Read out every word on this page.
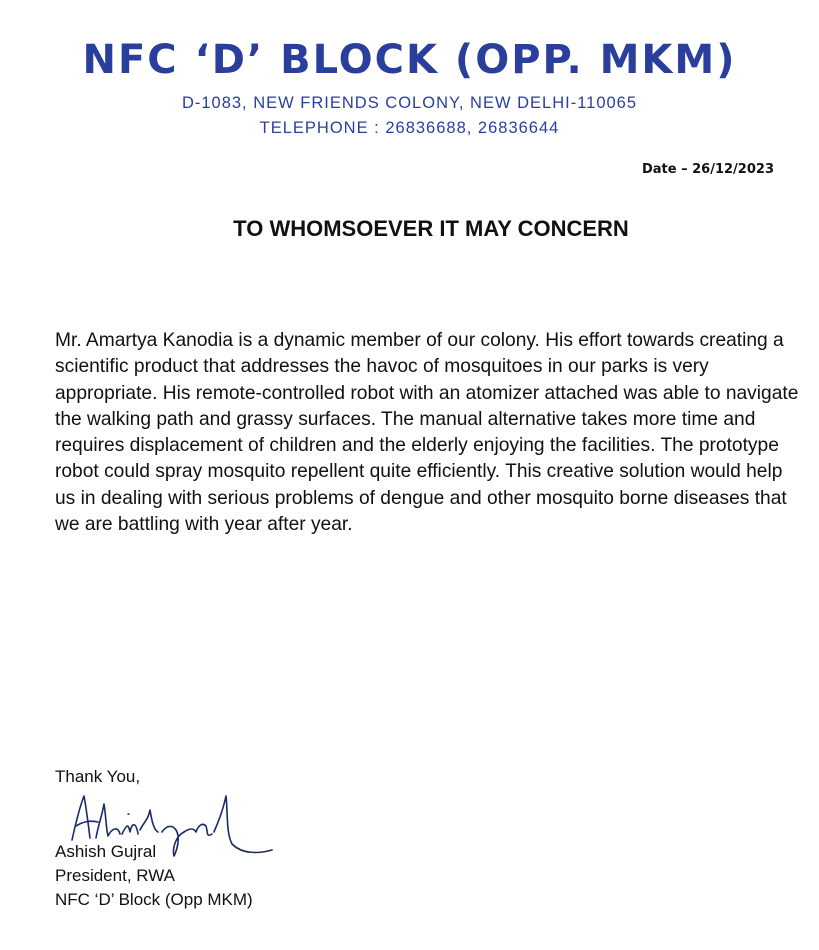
NFC ‘D’ BLOCK (OPP. MKM)
D-1083, NEW FRIENDS COLONY, NEW DELHI-110065
TELEPHONE : 26836688, 26836644
Date – 26/12/2023
TO WHOMSOEVER IT MAY CONCERN

Mr. Amartya Kanodia is a dynamic member of our colony. His effort towards creating a scientific product that addresses the havoc of mosquitoes in our parks is very appropriate. His remote-controlled robot with an atomizer attached was able to navigate the walking path and grassy surfaces. The manual alternative takes more time and requires displacement of children and the elderly enjoying the facilities. The prototype robot could spray mosquito repellent quite efficiently. This creative solution would help us in dealing with serious problems of dengue and other mosquito borne diseases that we are battling with year after year.

Thank You,
Ashish Gujral
President, RWA
NFC ‘D’ Block (Opp MKM)
